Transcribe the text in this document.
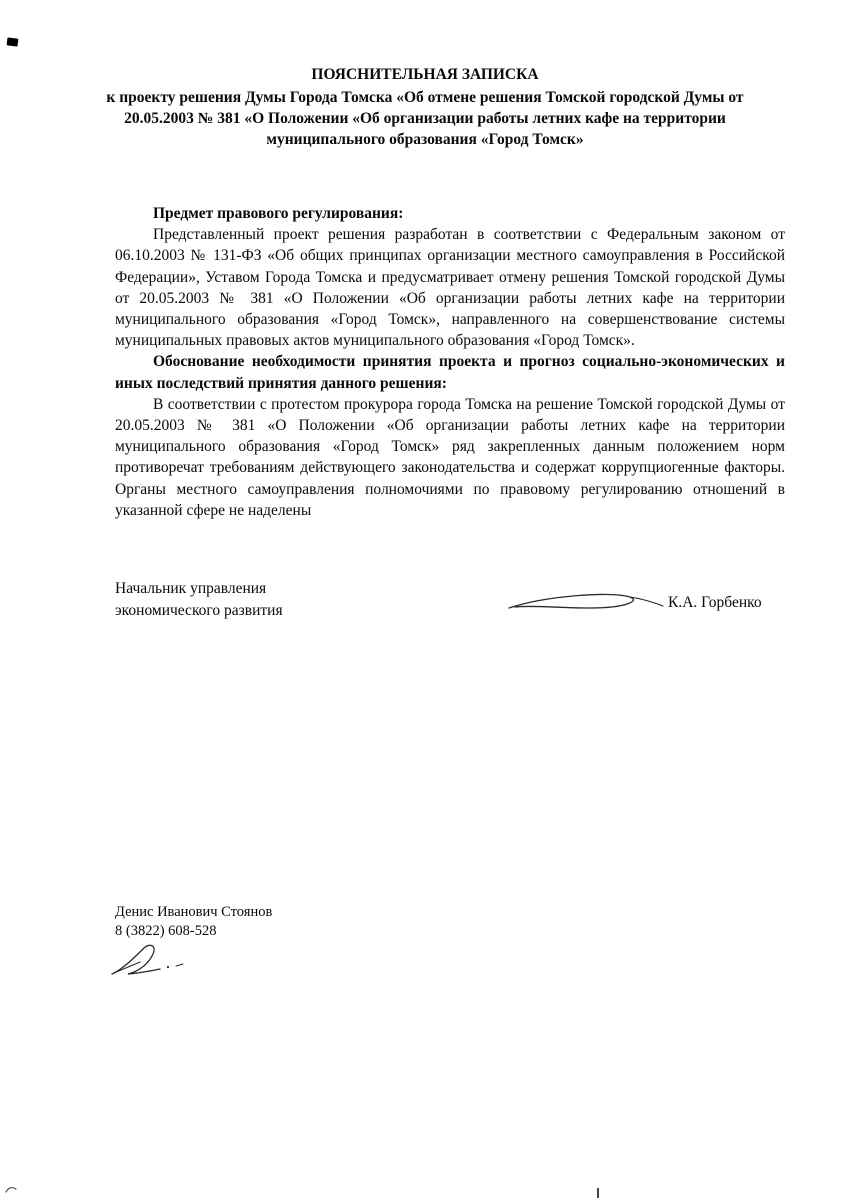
ПОЯСНИТЕЛЬНАЯ ЗАПИСКА

к проекту решения Думы Города Томска «Об отмене решения Томской городской Думы от 20.05.2003 № 381 «О Положении «Об организации работы летних кафе на территории муниципального образования «Город Томск»

Предмет правового регулирования:

Представленный проект решения разработан в соответствии с Федеральным законом от 06.10.2003 № 131-ФЗ «Об общих принципах организации местного самоуправления в Российской Федерации», Уставом Города Томска и предусматривает отмену решения Томской городской Думы от 20.05.2003 № 381 «О Положении «Об организации работы летних кафе на территории муниципального образования «Город Томск», направленного на совершенствование системы муниципальных правовых актов муниципального образования «Город Томск».

Обоснование необходимости принятия проекта и прогноз социально-экономических и иных последствий принятия данного решения:

В соответствии с протестом прокурора города Томска на решение Томской городской Думы от 20.05.2003 № 381 «О Положении «Об организации работы летних кафе на территории муниципального образования «Город Томск» ряд закрепленных данным положением норм противоречат требованиям действующего законодательства и содержат коррупциогенные факторы. Органы местного самоуправления полномочиями по правовому регулированию отношений в указанной сфере не наделены

Начальник управления
экономического развития	К.А. Горбенко
Денис Иванович Стоянов
8 (3822) 608-528
